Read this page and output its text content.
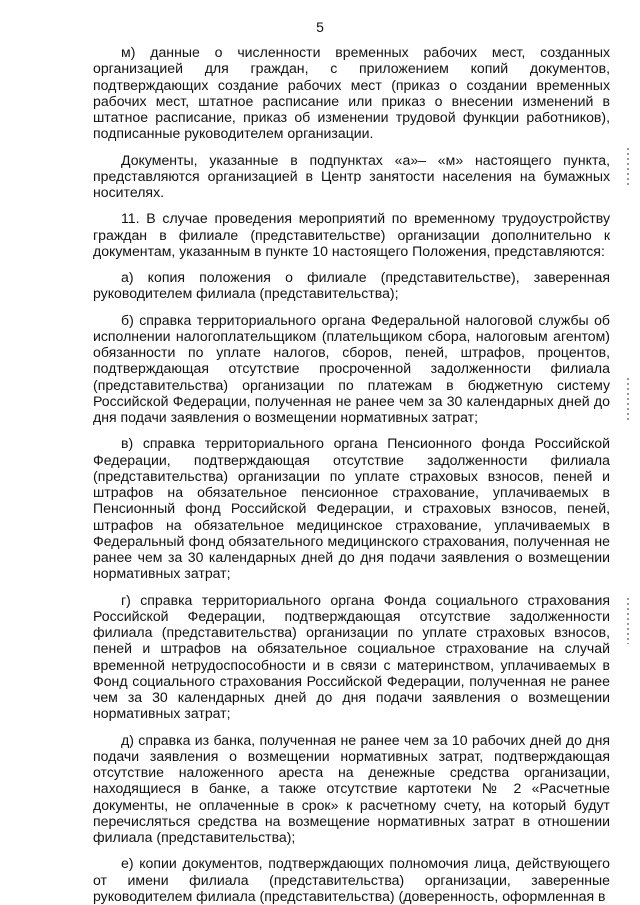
5

м) данные о численности временных рабочих мест, созданных организацией для граждан, с приложением копий документов, подтверждающих создание рабочих мест (приказ о создании временных рабочих мест, штатное расписание или приказ о внесении изменений в штатное расписание, приказ об изменении трудовой функции работников), подписанные руководителем организации.

Документы, указанные в подпунктах «а»– «м» настоящего пункта, представляются организацией в Центр занятости населения на бумажных носителях.

11. В случае проведения мероприятий по временному трудоустройству граждан в филиале (представительстве) организации дополнительно к документам, указанным в пункте 10 настоящего Положения, представляются:

а) копия положения о филиале (представительстве), заверенная руководителем филиала (представительства);

б) справка территориального органа Федеральной налоговой службы об исполнении налогоплательщиком (плательщиком сбора, налоговым агентом) обязанности по уплате налогов, сборов, пеней, штрафов, процентов, подтверждающая отсутствие просроченной задолженности филиала (представительства) организации по платежам в бюджетную систему Российской Федерации, полученная не ранее чем за 30 календарных дней до дня подачи заявления о возмещении нормативных затрат;

в) справка территориального органа Пенсионного фонда Российской Федерации, подтверждающая отсутствие задолженности филиала (представительства) организации по уплате страховых взносов, пеней и штрафов на обязательное пенсионное страхование, уплачиваемых в Пенсионный фонд Российской Федерации, и страховых взносов, пеней, штрафов на обязательное медицинское страхование, уплачиваемых в Федеральный фонд обязательного медицинского страхования, полученная не ранее чем за 30 календарных дней до дня подачи заявления о возмещении нормативных затрат;

г) справка территориального органа Фонда социального страхования Российской Федерации, подтверждающая отсутствие задолженности филиала (представительства) организации по уплате страховых взносов, пеней и штрафов на обязательное социальное страхование на случай временной нетрудоспособности и в связи с материнством, уплачиваемых в Фонд социального страхования Российской Федерации, полученная не ранее чем за 30 календарных дней до дня подачи заявления о возмещении нормативных затрат;

д) справка из банка, полученная не ранее чем за 10 рабочих дней до дня подачи заявления о возмещении нормативных затрат, подтверждающая отсутствие наложенного ареста на денежные средства организации, находящиеся в банке, а также отсутствие картотеки № 2 «Расчетные документы, не оплаченные в срок» к расчетному счету, на который будут перечисляться средства на возмещение нормативных затрат в отношении филиала (представительства);

е) копии документов, подтверждающих полномочия лица, действующего от имени филиала (представительства) организации, заверенные руководителем филиала (представительства) (доверенность, оформленная в
